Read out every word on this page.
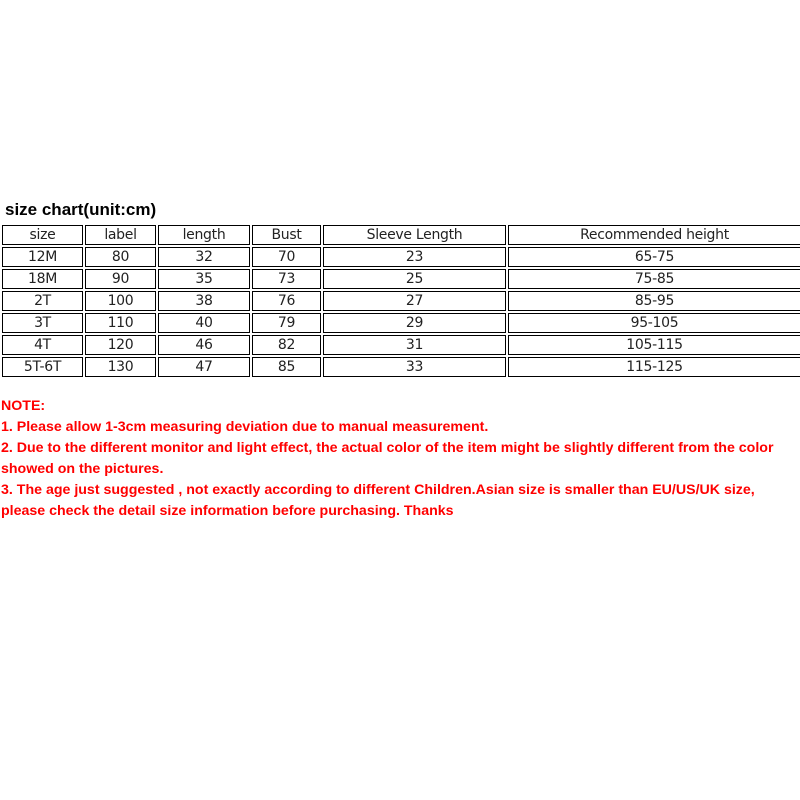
size chart(unit:cm)
size	label	length	Bust	Sleeve Length	Recommended height
12M	80	32	70	23	65-75
18M	90	35	73	25	75-85
2T	100	38	76	27	85-95
3T	110	40	79	29	95-105
4T	120	46	82	31	105-115
5T-6T	130	47	85	33	115-125

NOTE:

1. Please allow 1-3cm measuring deviation due to manual measurement.

2. Due to the different monitor and light effect, the actual color of the item might be slightly different from the color showed on the pictures.

3. The age just suggested , not exactly according to different Children.Asian size is smaller than EU/US/UK size, please check the detail size information before purchasing. Thanks
